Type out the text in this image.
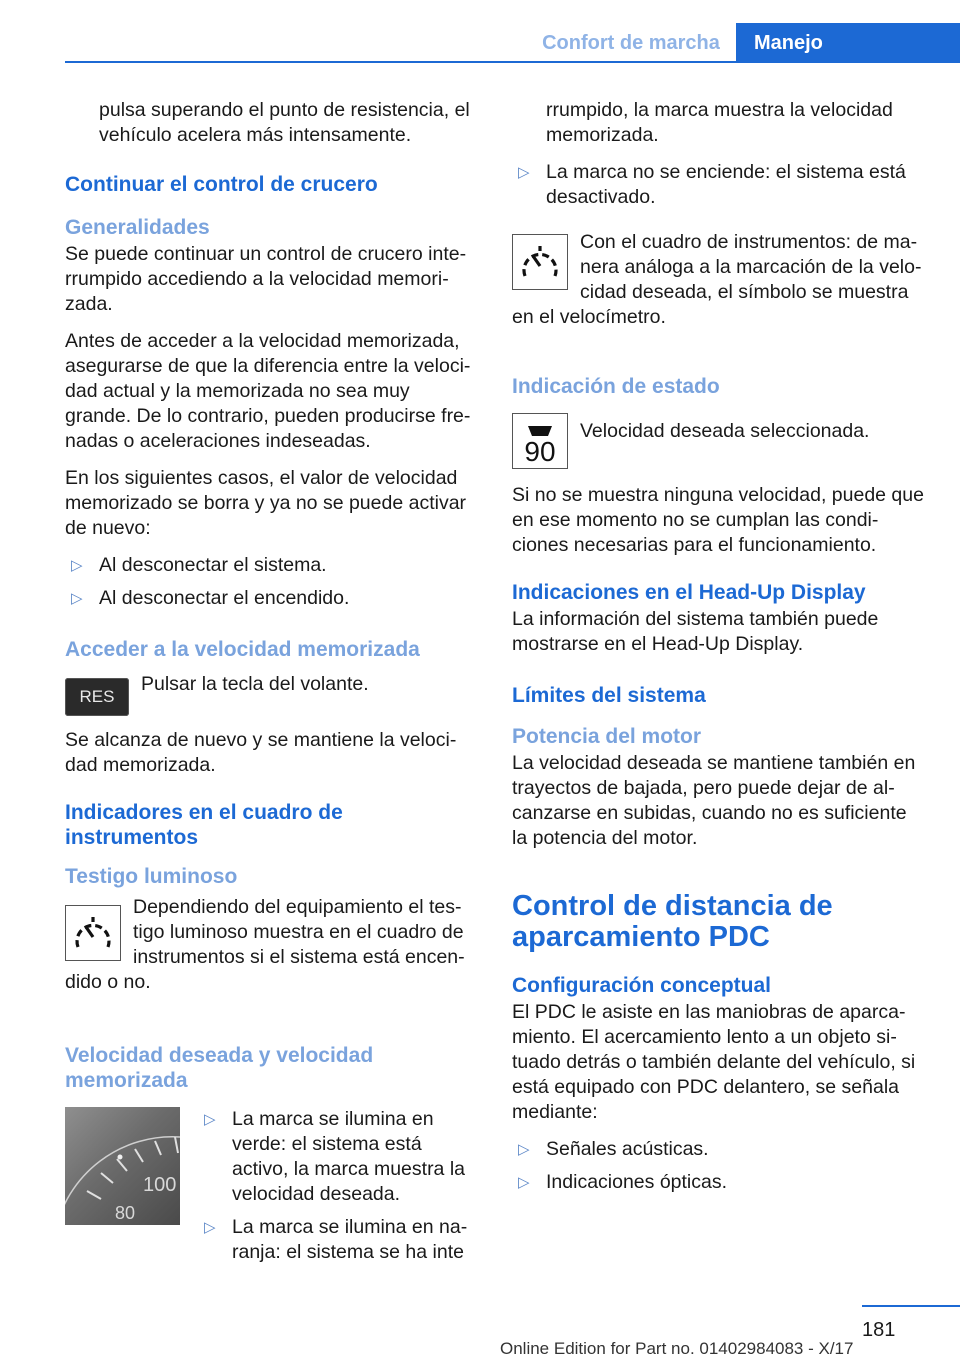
Confort de marcha	Manejo

pulsa superando el punto de resistencia, el vehículo acelera más intensamente.

Continuar el control de crucero
Generalidades

Se puede continuar un control de crucero interrumpido accediendo a la velocidad memorizada.

Antes de acceder a la velocidad memorizada, asegurarse de que la diferencia entre la velocidad actual y la memorizada no sea muy grande. De lo contrario, pueden producirse frenadas o aceleraciones indeseadas.

En los siguientes casos, el valor de velocidad memorizado se borra y ya no se puede activar de nuevo:

▷ Al desconectar el sistema.
▷ Al desconectar el encendido.
Acceder a la velocidad memorizada
RES

Pulsar la tecla del volante.

Se alcanza de nuevo y se mantiene la velocidad memorizada.

Indicadores en el cuadro de instrumentos
Testigo luminoso

Dependiendo del equipamiento el testigo luminoso muestra en el cuadro de instrumentos si el sistema está encendido o no.

Velocidad deseada y velocidad memorizada
100
80
▷ La marca se ilumina en verde: el sistema está activo, la marca muestra la velocidad deseada.
▷ La marca se ilumina en naranja: el sistema se ha inte

rrumpido, la marca muestra la velocidad memorizada.

▷ La marca no se enciende: el sistema está desactivado.

Con el cuadro de instrumentos: de manera análoga a la marcación de la velocidad deseada, el símbolo se muestra en el velocímetro.

Indicación de estado
90

Velocidad deseada seleccionada.

Si no se muestra ninguna velocidad, puede que en ese momento no se cumplan las condiciones necesarias para el funcionamiento.

Indicaciones en el Head-Up Display

La información del sistema también puede mostrarse en el Head-Up Display.

Límites del sistema
Potencia del motor

La velocidad deseada se mantiene también en trayectos de bajada, pero puede dejar de alcanzarse en subidas, cuando no es suficiente la potencia del motor.

Control de distancia de aparcamiento PDC
Configuración conceptual

El PDC le asiste en las maniobras de aparcamiento. El acercamiento lento a un objeto situado detrás o también delante del vehículo, si está equipado con PDC delantero, se señala mediante:

▷ Señales acústicas.
▷ Indicaciones ópticas.
181
Online Edition for Part no. 01402984083 - X/17
